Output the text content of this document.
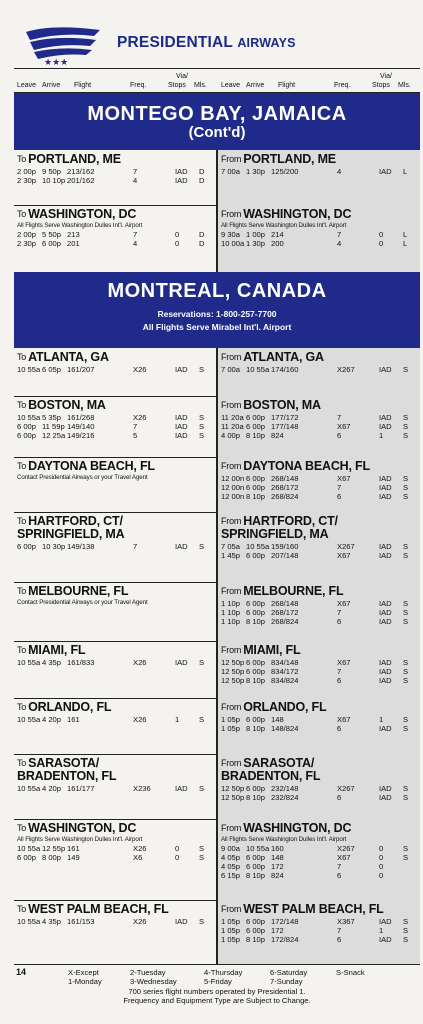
★★★
PRESIDENTIAL AIRWAYS
Leave Arrive Flight	Freq.
Via/
Stops Mls. Leave Arrive Flight	Freq.
Via/
Stops Mls.
MONTEGO BAY, JAMAICA
(Cont'd)
$^{To}$ PORTLAND, ME
2 00p 9 50p 213/162	7	IAD D
2 30p 10 10p 201/162	4	IAD D
$^{From}$ PORTLAND, ME
7 00a 1 30p 125/200	4	IAD L
$^{To}$ WASHINGTON, DC
All Flights Serve Washington Dulles Int'l. Airport
2 00p 5 50p 213	7	0	D
2 30p 6 00p 201	4	0	D
$^{From}$ WASHINGTON, DC
All Flights Serve Washington Dulles Int'l. Airport
9 30a 1 00p 214	7	0	L
10 00a 1 30p 200	4	0	L
MONTREAL, CANADA
Reservations: 1-800-257-7700
All Flights Serve Mirabel Int'l. Airport
$^{To}$ ATLANTA, GA
10 55a 6 05p 161/207	X26	IAD S
$^{From}$ ATLANTA, GA
7 00a 10 55a 174/160	X267	IAD S
$^{To}$ BOSTON, MA
10 55a 5 35p 161/268	X26	IAD S
6 00p 11 59p 149/140	7	IAD S
6 00p 12 25a 149/216	5	IAD S
$^{From}$ BOSTON, MA
11 20a 6 00p 177/172	7	IAD S
11 20a 6 00p 177/148	X67	IAD S
4 00p 8 10p 824	6	1	S
$^{To}$ DAYTONA BEACH, FL
Contact Presidential Airways or your Travel Agent
$^{From}$ DAYTONA BEACH, FL
12 00n 6 00p 268/148	X67	IAD S
12 00n 6 00p 268/172	7	IAD S
12 00n 8 10p 268/824	6	IAD S
$^{To}$ HARTFORD, CT/
SPRINGFIELD, MA
6 00p 10 30p 149/138	7	IAD S
$^{From}$ HARTFORD, CT/
SPRINGFIELD, MA
7 05a 10 55a 159/160	X267	IAD S
1 45p 6 00p 207/148	X67	IAD S
$^{To}$ MELBOURNE, FL
Contact Presidential Airways or your Travel Agent
$^{From}$ MELBOURNE, FL
1 10p 6 00p 268/148	X67	IAD S
1 10p 6 00p 268/172	7	IAD S
1 10p 8 10p 268/824	6	IAD S
$^{To}$ MIAMI, FL
10 55a 4 35p 161/833	X26	IAD S
$^{From}$ MIAMI, FL
12 50p 6 00p 834/148	X67	IAD S
12 50p 6 00p 834/172	7	IAD S
12 50p 8 10p 834/824	6	IAD S
$^{To}$ ORLANDO, FL
10 55a 4 20p 161	X26	1	S
$^{From}$ ORLANDO, FL
1 05p 6 00p 148	X67	1	S
1 05p 8 10p 148/824	6	IAD S
$^{To}$ SARASOTA/
BRADENTON, FL
10 55a 4 20p 161/177	X236	IAD S
$^{From}$ SARASOTA/
BRADENTON, FL
12 50p 6 00p 232/148	X267	IAD S
12 50p 8 10p 232/824	6	IAD S
$^{To}$ WASHINGTON, DC
All Flights Serve Washington Dulles Int'l. Airport
10 55a 12 55p 161	X26	0	S
6 00p 8 00p 149	X6	0	S
$^{From}$ WASHINGTON, DC
All Flights Serve Washington Dulles Int'l. Airport
9 00a 10 55a 160	X267	0	S
4 05p 6 00p 148	X67	0	S
4 05p 6 00p 172	7	0
6 15p 8 10p 824	6	0
$^{To}$ WEST PALM BEACH, FL
10 55a 4 35p 161/153	X26	IAD S
$^{From}$ WEST PALM BEACH, FL
1 05p 6 00p 172/148	X367	IAD S
1 05p 6 00p 172	7	1	S
1 05p 8 10p 172/824	6	IAD S
14	X-Except
1-Monday
2-Tuesday
3-Wednesday
4-Thursday
5-Friday
6-Saturday
7-Sunday
S-Snack
700 series flight numbers operated by Presidential 1.
Frequency and Equipment Type are Subject to Change.
